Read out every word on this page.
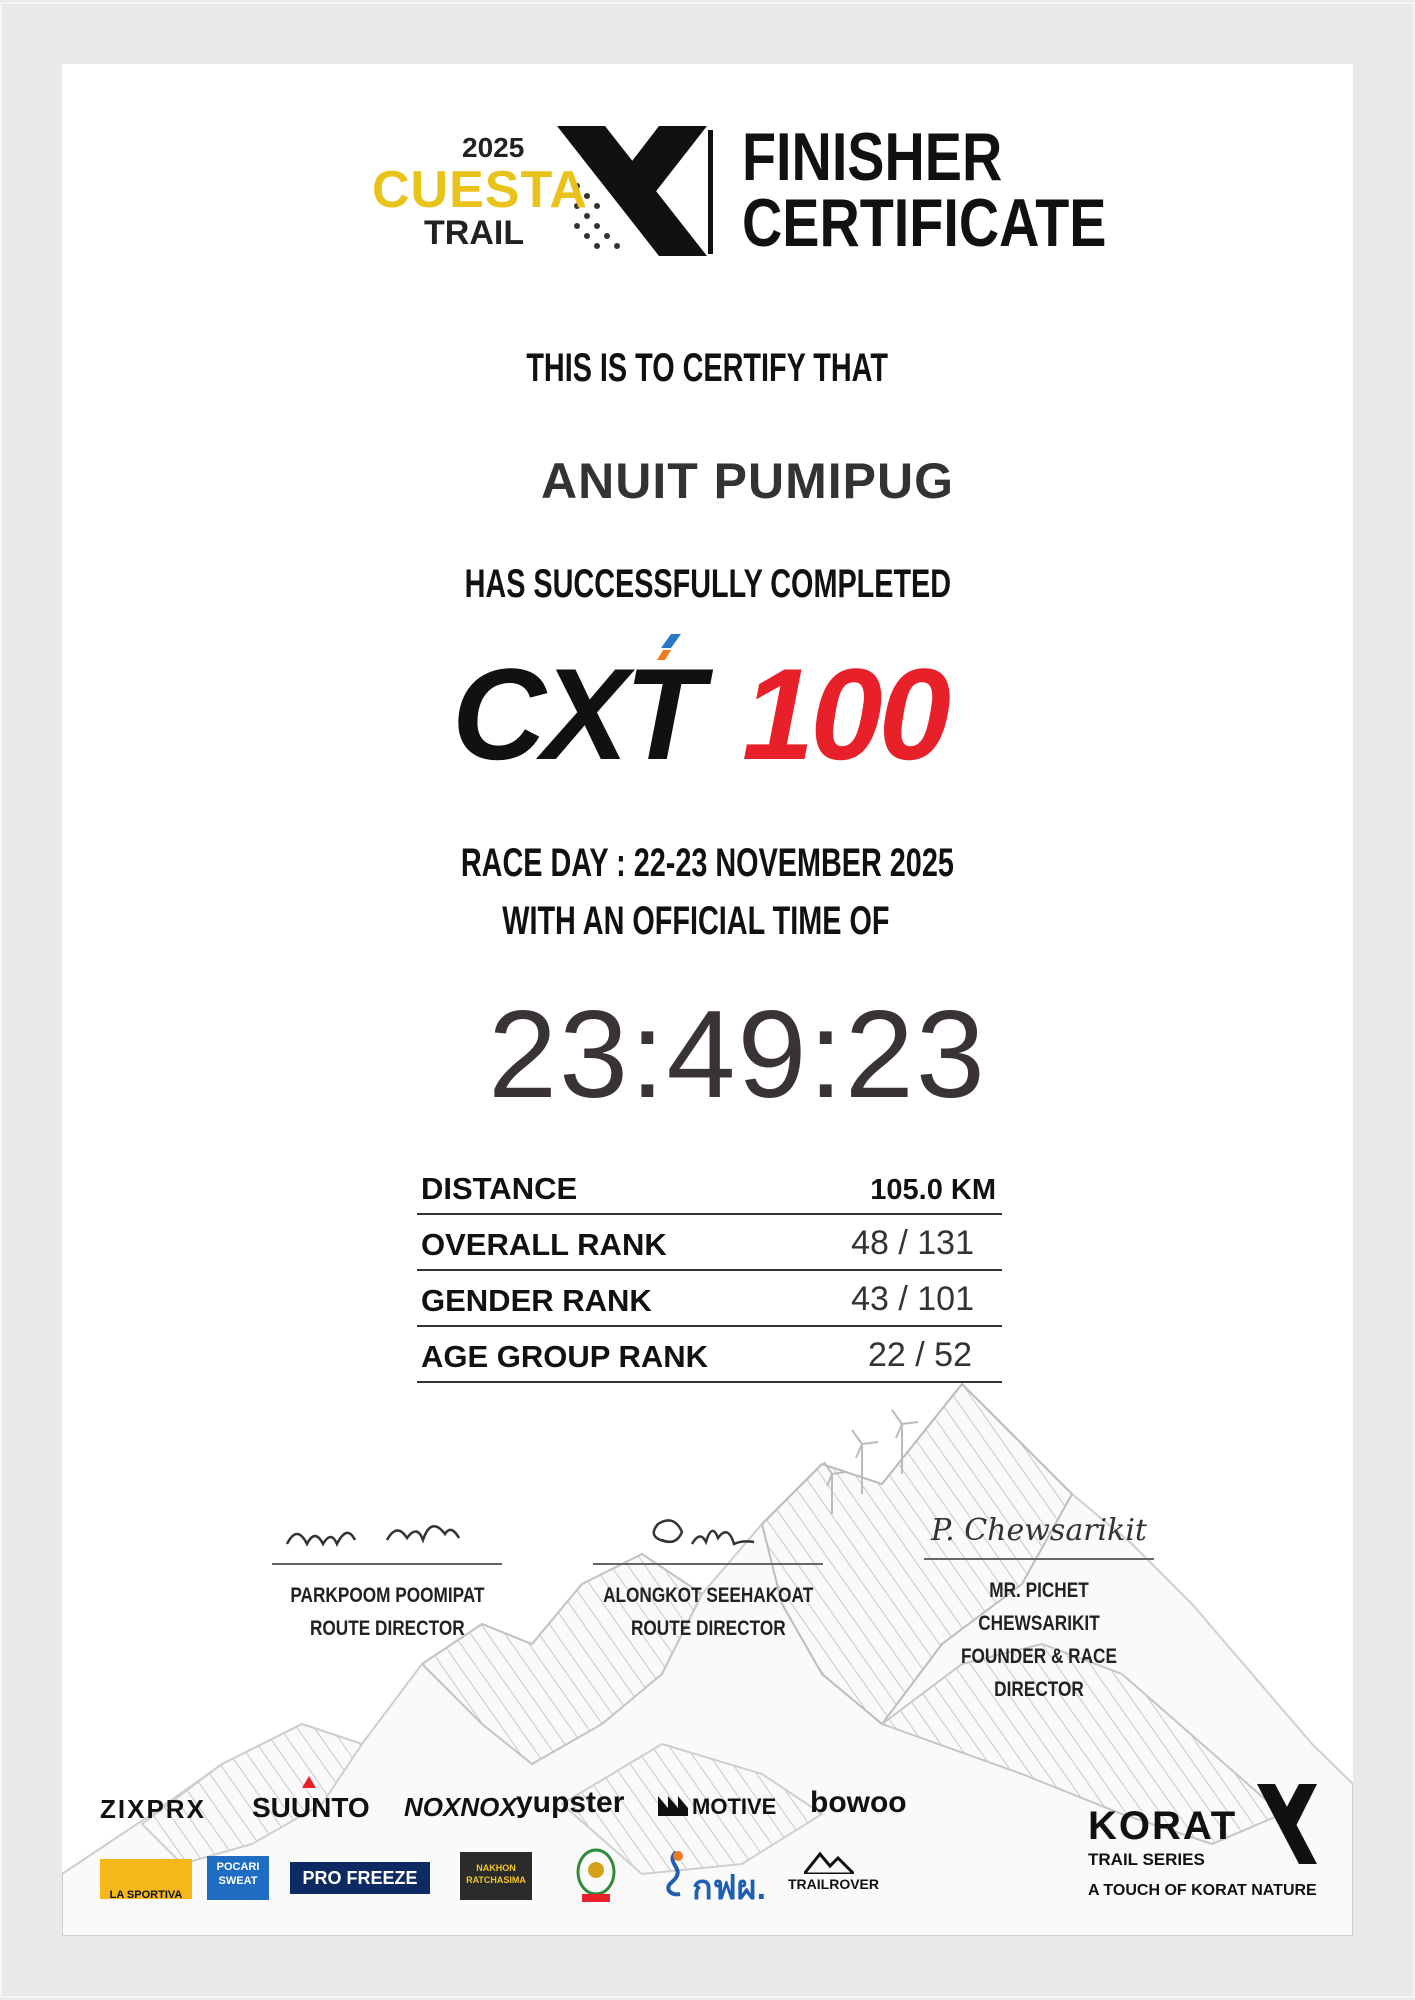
2025
CUESTA
TRAIL
FINISHER
CERTIFICATE
THIS IS TO CERTIFY THAT
ANUIT PUMIPUG
HAS SUCCESSFULLY COMPLETED
CXT 100
RACE DAY : 22-23 NOVEMBER 2025
WITH AN OFFICIAL TIME OF
23:49:23
DISTANCE	105.0 KM
OVERALL RANK	48 / 131
GENDER RANK	43 / 101
AGE GROUP RANK	22 / 52
PARKPOOM POOMIPAT
ROUTE DIRECTOR
ALONGKOT SEEHAKOAT
ROUTE DIRECTOR
P. Chewsarikit
MR. PICHET CHEWSARIKIT
FOUNDER & RACE DIRECTOR
ZIXPRX SUUNTO NOXNOX yupster	MOTIVE bowoo
$_{LA SPORTIVA}$
POCARI SWEAT	PRO FREEZE	NAKHON RATCHASIMA	กฟผ. TRAILROVER
KORAT
TRAIL SERIES
A TOUCH OF KORAT NATURE
